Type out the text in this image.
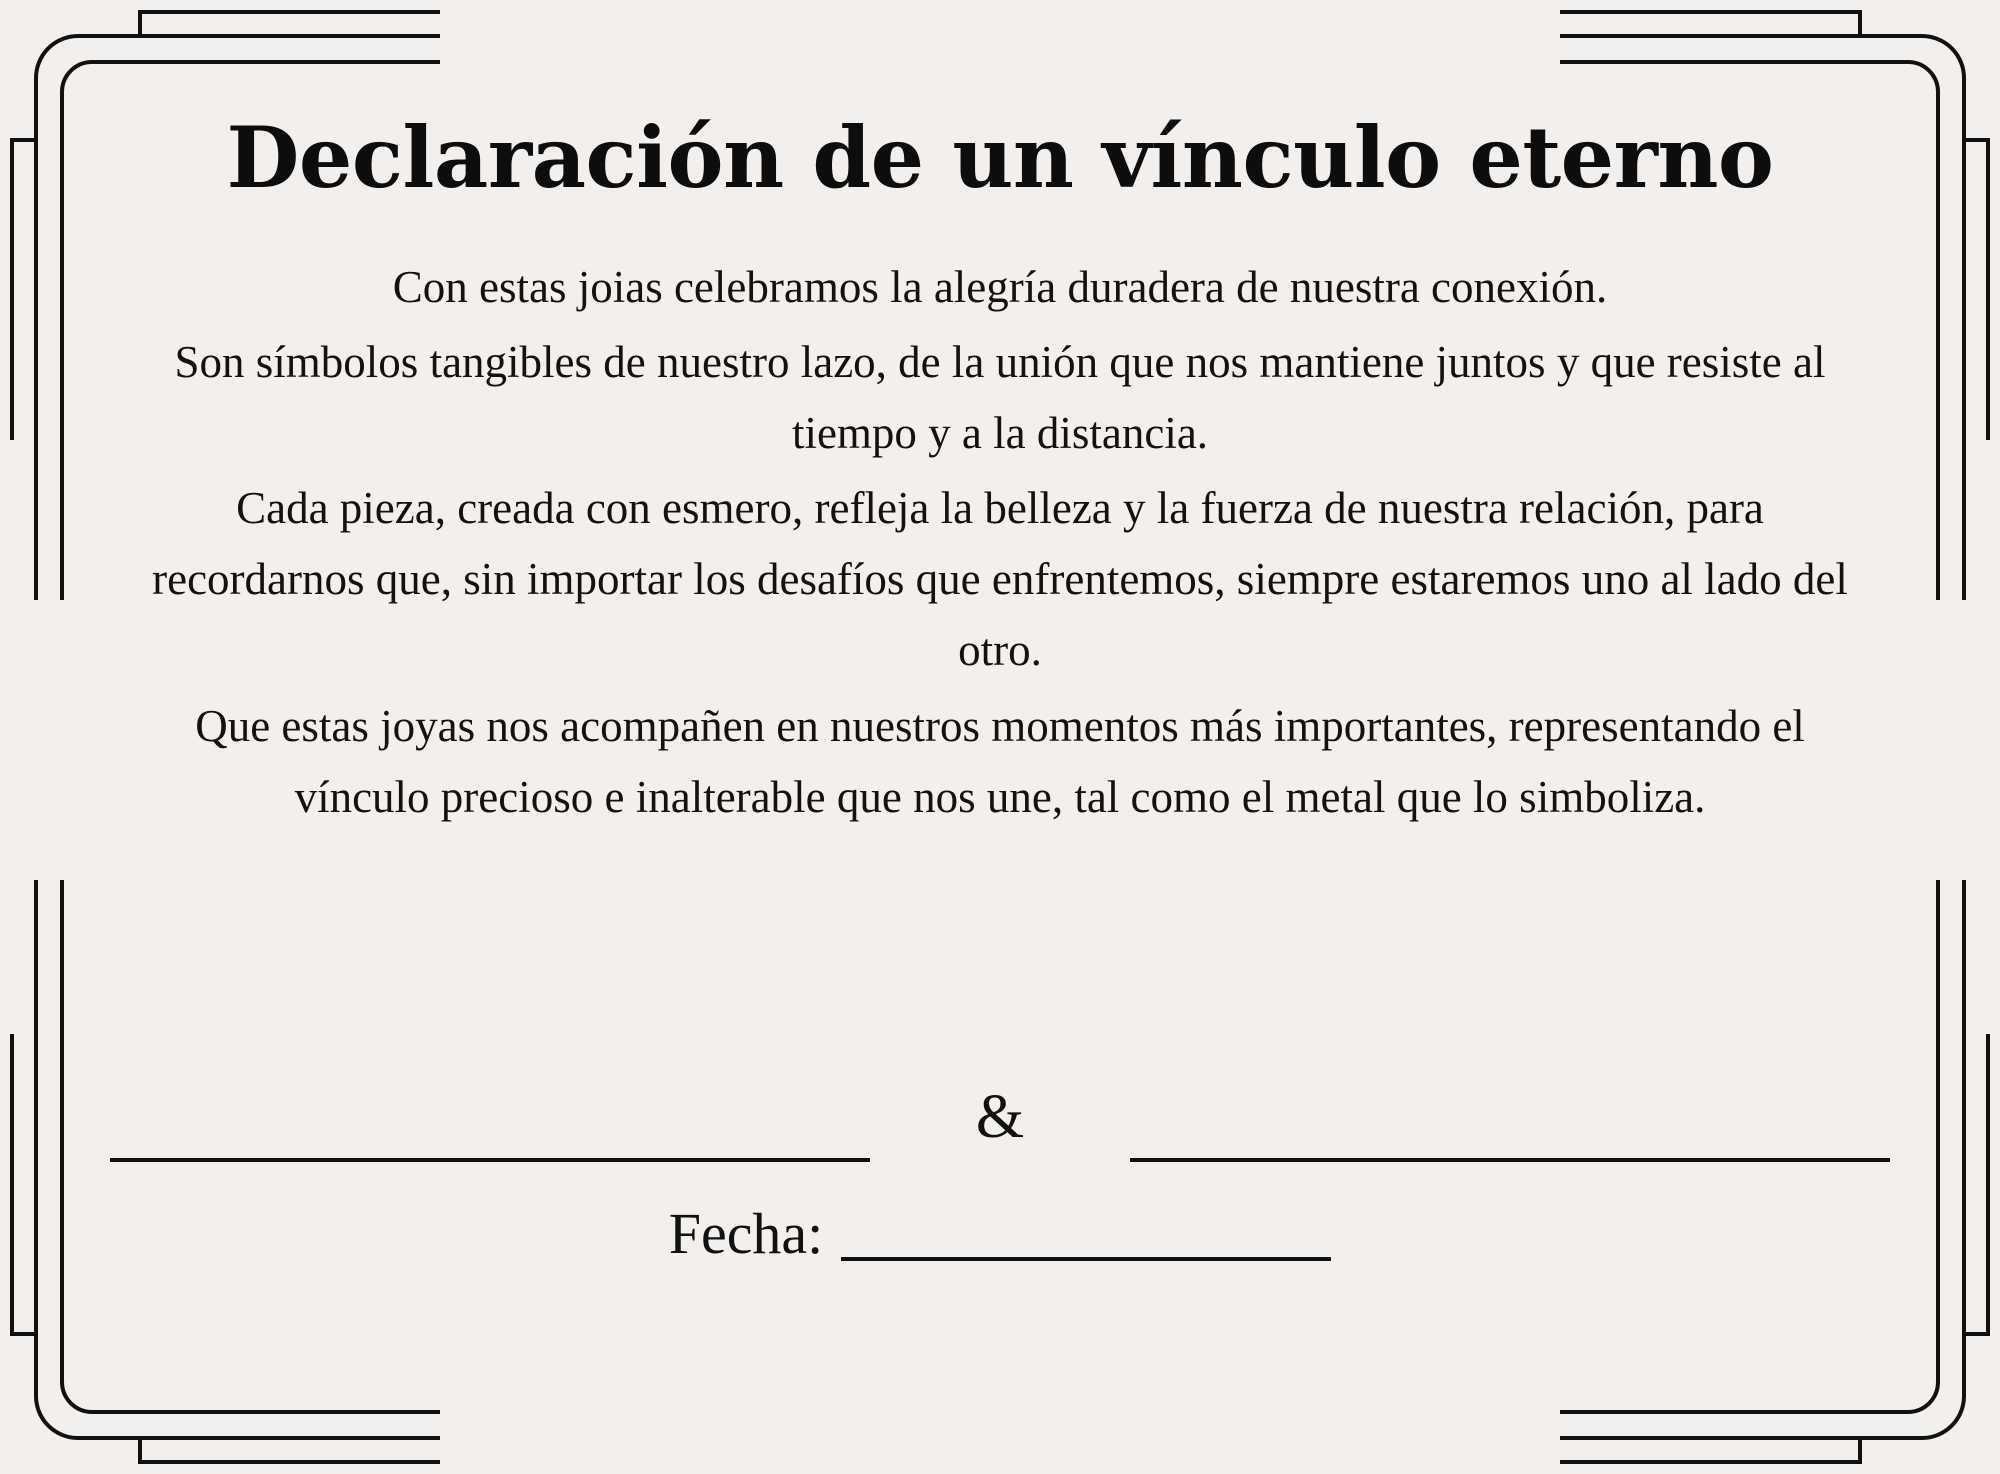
Declaración de un vínculo eterno

Con estas joias celebramos la alegría duradera de nuestra conexión.

Son símbolos tangibles de nuestro lazo, de la unión que nos mantiene juntos y que resiste al tiempo y a la distancia.

Cada pieza, creada con esmero, refleja la belleza y la fuerza de nuestra relación, para recordarnos que, sin importar los desafíos que enfrentemos, siempre estaremos uno al lado del otro.

Que estas joyas nos acompañen en nuestros momentos más importantes, representando el vínculo precioso e inalterable que nos une, tal como el metal que lo simboliza.

&
Fecha:
